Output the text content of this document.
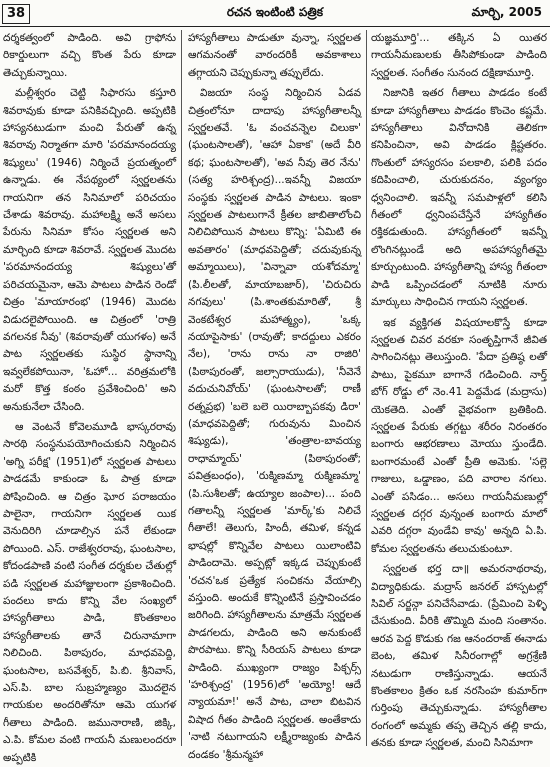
38	రచన ఇంటింటి పత్రిక	మార్చి, 2005

దర్శకత్వంలో పాడింది. అవి గ్రాఫోను రికార్డులుగా వచ్చి కొంత పేరు కూడా తెచ్చుకున్నాయి.

మల్లీశ్వరం చెట్టి సిఫారసు కస్తూరి శివరావుకు కూడా పనికివచ్చింది. అప్పటికి హాస్యనటుడుగా మంచి పేరుతో ఉన్న శివరావు నిర్మాతగా మారి 'పరమానందయ్య శిష్యులు' (1946) నిర్మించే ప్రయత్నంలో ఉన్నాడు. ఈ నేపథ్యంలో స్వర్ణలతను గాయనిగా తన సినిమాలో పరిచయం చేశాడు శివరావు. మహాలక్ష్మి అనే అసలు పేరును సినిమా కోసం స్వర్ణలత అని మార్చింది కూడా శివరావే. స్వర్ణలత మొదట 'పరమానందయ్య శిష్యులు'తో పరిచయమైనా, ఆమె పాటలు పాడిన రెండో చిత్రం 'మాయారంభ' (1946) మొదట విడుదలైపోయింది. ఆ చిత్రంలో 'రాత్రి వగలనక నీవు' (శివరావుతో యుగళం) అనే పాట స్వర్ణలతకు సుస్థిర స్థానాన్ని ఇవ్వలేకపోయినా, 'ఓహో... వరిత్రమలోకి మరో కొత్త కంఠం ప్రవేశించింది' అని అనుకునేలా చేసింది.

ఆ వెంటనే కోవెలమూడి భాస్కరరావు సారథి సంస్థనుపయోగించుకుని నిర్మించిన 'అగ్ని పరీక్ష' (1951)లో స్వర్ణలత పాటలు పాడడమే కాకుండా ఓ పాత్ర కూడా పోషించింది. ఆ చిత్రం ఘోర పరాజయం పాలైనా, గాయనిగా స్వర్ణలత యిక వెనుదిరిగి చూడాల్సిన పనే లేకుండా పోయింది. ఎస్. రాజేశ్వరరావు, ఘంటసాల, కోదండపాణి వంటి సంగీత దర్శకుల చేతుల్లో పడి స్వర్ణలత మహాజ్ఞులంగా ప్రకాశించింది. పందలు కాదు కొన్ని వేల సంఖ్యలో హాస్యగీతాలు పాడి, కొంతకాలం హాస్యగీతాలకు తానే చిరునామాగా నిలిచింది. పిఠాపురం, మాధవపెద్ది, ఘంటసాల, బసవేశ్వర్, పి.బి. శ్రీనివాస్, ఎస్.పి. బాల సుబ్రహ్మణ్యం మొదలైన గాయకుల అందరితోనూ ఆమె యుగళ గీతాలు పాడింది. జమునారాణి, జిక్కి, ఎ.పి. కోమల వంటి గాయనీ మణులందరూ అప్పటికి

హాస్యగీతాలు పాడుతూ వున్నా, స్వర్ణలత ఆగమనంతో వారందరికీ అవకాశాలు తగ్గాయని చెప్పుకున్నా తప్పులేదు.

విజయా సంస్థ నిర్మించిన ఏడవ చిత్రంలోనూ దాదాపు హాస్యగీతాలన్నీ స్వర్ణలతవే. 'ఓ వంచవన్నెల చిలుకా' (ఘంటసాలతో), 'ఆహా ఏకాక' (అదే వీరి కథ; ఘంటసాలతో), 'అవ నీవు తెర నేను' (సత్య హరిశ్చంద్ర)...ఇవన్నీ విజయా సంస్థకు స్వర్ణలత పాడిన పాటలు. ఇంకా స్వర్ణలత పాటలుగానే క్రీతల జాబితాలోంచి నిలిచిపోయిన పాటలు కొన్ని: 'ఏమిటి ఈ అవతారం' (మాధవపెద్దితో; చదువుకున్న అమ్మాయిలు), 'విన్నావా యశోదమ్మా' (పి.లీలతో, మాయాబజార్), 'చిరుచిరు నగవులు' (పి.శాంతకుమారితో, శ్రీ వెంకటేశ్వర మహాత్మ్యం), 'ఒక్క నయాపైసాకు' (రావుతో; కాదద్దులు ఎకరం నేల), 'రాను రాను నా రాజిరి' (పిఠాపురంతో, జల్సారాయుడు), 'నీవెనే వదుచునివోయ్' (ఘంటసాలతో; రాణీ రత్నప్రభ) 'బలె బలె యిరాబ్బాపకవు డిరా' (మాధవపెద్దితో; గురువును మించిన శిష్యుడు), 'తంత్రాల-బావయ్య రాధామ్మాయ్' (పిఠాపురంతో; పవిత్రబంధం), 'రుక్మిణమ్మా రుక్మిణమ్మా' (పి.సుశీలతో; ఉయ్యాల జంపాల)... పంది గతాలన్నీ స్వర్ణలత 'మార్క్'కు నిలిచే గీతాలే! తెలుగు, హిందీ, తమిళ, కన్నడ భాషల్లో కొన్నివేల పాటలు యిలాంటివి పాడిందామె. అప్పట్లో ఇక్కడ చెప్పుకుంటే 'రచన'ఒక ప్రత్యేక సంచికను వేయాల్సి వస్తుంది. అందుకే కొన్నింటినే ప్రస్తావించడం జరిగింది. హాస్యగీతాలను మాత్రమే స్వర్ణలత పాడగలదు, పాడింది అని అనుకుంటే పొరపాటు. కొన్ని సీరియస్ పాటలు కూడా పాడింది. ముఖ్యంగా రాజ్యం పిక్చర్స్ 'హరిశ్చంద్ర' (1956)లో 'అయ్యో! ఆదే న్యాయమా!' అనే పాట, చాలా బిటవిన విషాద గీతం పాడింది స్వర్ణలత. అంతేకాదు 'నాటి నటుగాయని లక్ష్మీరాజ్యంకు పాడిన దండకం 'శ్రీమన్మహా

యజ్ఞమూర్తి'... తక్కిన ఏ యితర గాయనీమణులకు తీసిపోకుండా పాడింది స్వర్ణలత. సంగీతం సునంద దక్షిణామూర్తి.

నిజానికి ఇతర గీతాలు పాడడం కంటే కూడా హాస్యగీతాలు పాడడం కొంచెం కష్టమే. హాస్యగీతాలు వినోదానికి తెలికగా కనిపించినా, అవి పాడడం క్లిష్టతరం. గొంతులో హాస్యరసం పలకాలి, పలికి పదం కదిపించాలి, చురుకుదనం, వ్యంగ్యం ధ్వనించాలి. ఇవన్నీ సమపాళ్లలో కలిసి గీతంలో ధ్వనింపచేస్తేనే హాస్యగీతం రక్తికడుతుంది. హాస్యగీతంలో ఇవన్నీ లొంగినట్లుండే అది అపహాస్యగీతమై కూర్చుంటుంది. హాస్యగీతాన్ని హాస్య గీతంలా పాడి ఒప్పించడంలో నూటికి నూరు మార్కులు సాధించిన గాయని స్వర్ణలత.

ఇక వ్యక్తిగత విషయాలకొస్తే కూడా స్వర్ణలత చివర వరకూ సంతృప్తిగానే జీవిత సాగించినట్లు తెలుస్తుంది. 'పేదా ప్రతిష్ఠ లతో పాటు, పైకమూ బాగానే గడించింది. నార్త్ బోగ్ రోడ్డు లో నెం.41 పెద్దమేడ (మద్రాసు) యెకతెది. ఎంతో వైభవంగా బ్రతికింది. స్వర్ణలత పేరుకు తగ్గట్టు శరీరం నిరంతరం బంగారు ఆభరణాలు మోయు స్తుండేది. బంగారమంటే ఎంతో ప్రీతి అమెకు. 'సల్లె గాజులు, ఒడ్డాణం, పది వారాల నగలు. ఎంతో పసిడం... అసలు గాయనీమణుల్లో స్వర్ణలత దగ్గర వున్నంత బంగారు మాలో ఎవరి దగ్గరా వుండేవి కావు' అన్నది ఏ.పి. కోమల స్వర్ణలతను తలుచుకుంటూ.

స్వర్ణలత భర్త దా॥ అమరనాథరావు, విద్యాధికుడు. మద్రాస్ జనరల్ హాస్పటల్లో సివిల్ సర్జన్గా పనిచేసేవాడు. (ప్రేమించి పెళ్ళి చేసుకుంది. వీరికి తొమ్మిది మంది సంతానం. ఆరవ పెద్ద కొడుకు గజ ఆనందరాజ్ ఈనాడు బెంట, తమిళ సినీరంగాల్లో అగ్రశ్రేణి నటుడుగా రాణిస్తున్నాడు. ఆయనే కొంతకాలం క్రితం ఒక నరసింహ కుమార్‌గా గుర్తింపు తెచ్చుకున్నాడు. హాస్యగీతాల రంగంలో అమ్మకు తప్ప తెచ్చిన తల్లి కాదు, తనకు కూడా స్వర్ణలత, మంచి సినిమాగా
